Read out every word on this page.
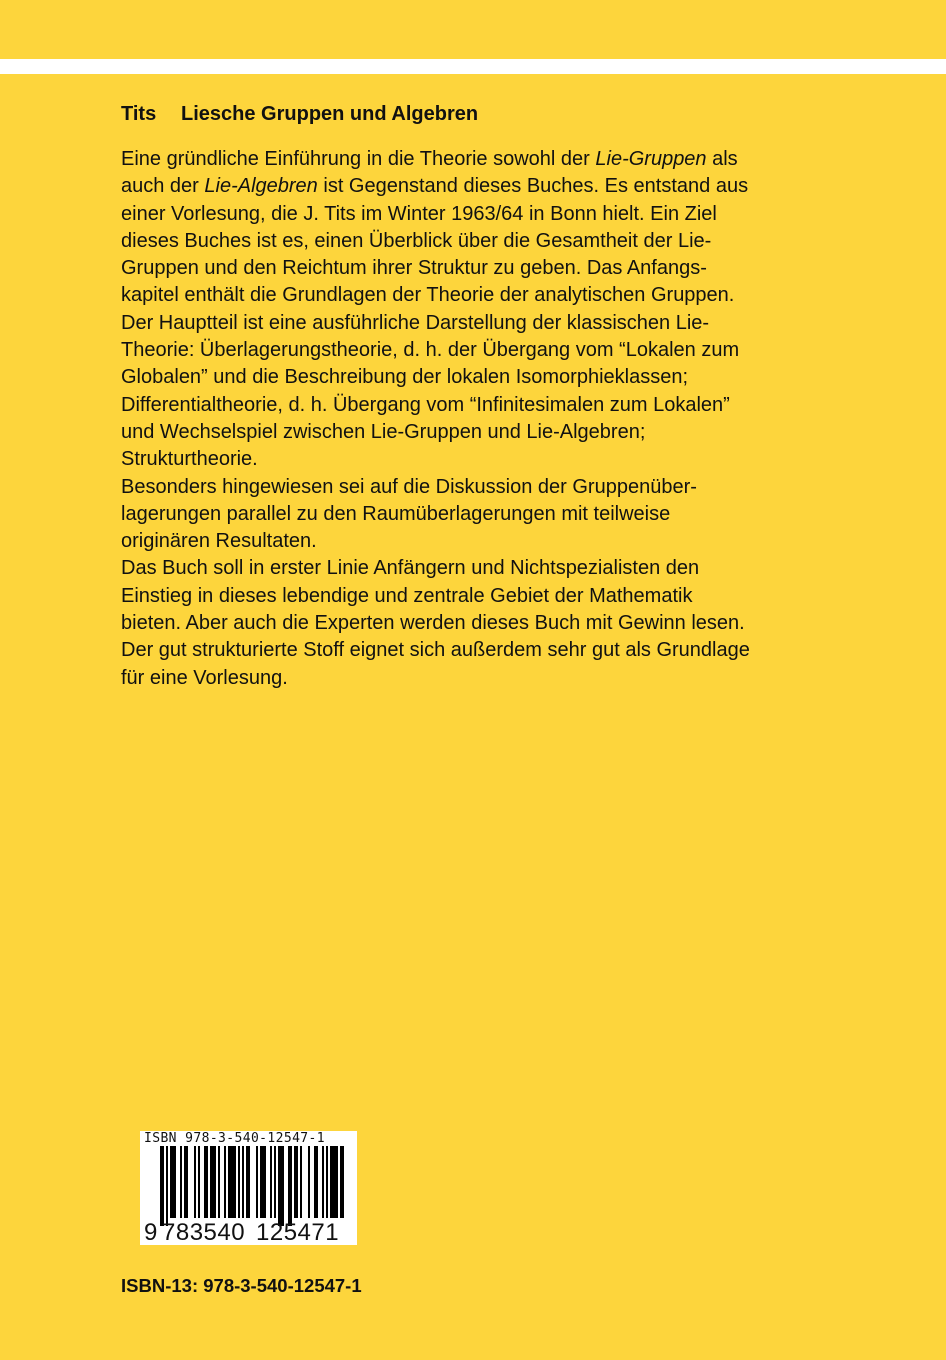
Tits Liesche Gruppen und Algebren
Eine gründliche Einführung in die Theorie sowohl der Lie-Gruppen als
auch der Lie-Algebren ist Gegenstand dieses Buches. Es entstand aus
einer Vorlesung, die J. Tits im Winter 1963/64 in Bonn hielt. Ein Ziel
dieses Buches ist es, einen Überblick über die Gesamtheit der Lie-
Gruppen und den Reichtum ihrer Struktur zu geben. Das Anfangs-
kapitel enthält die Grundlagen der Theorie der analytischen Gruppen.
Der Hauptteil ist eine ausführliche Darstellung der klassischen Lie-
Theorie: Überlagerungstheorie, d. h. der Übergang vom “Lokalen zum
Globalen” und die Beschreibung der lokalen Isomorphieklassen;
Differentialtheorie, d. h. Übergang vom “Infinitesimalen zum Lokalen”
und Wechselspiel zwischen Lie-Gruppen und Lie-Algebren;
Strukturtheorie.
Besonders hingewiesen sei auf die Diskussion der Gruppenüber-
lagerungen parallel zu den Raumüberlagerungen mit teilweise
originären Resultaten.
Das Buch soll in erster Linie Anfängern und Nichtspezialisten den
Einstieg in dieses lebendige und zentrale Gebiet der Mathematik
bieten. Aber auch die Experten werden dieses Buch mit Gewinn lesen.
Der gut strukturierte Stoff eignet sich außerdem sehr gut als Grundlage
für eine Vorlesung.
ISBN 978-3-540-12547-1
9 783540 125471
ISBN-13: 978-3-540-12547-1
